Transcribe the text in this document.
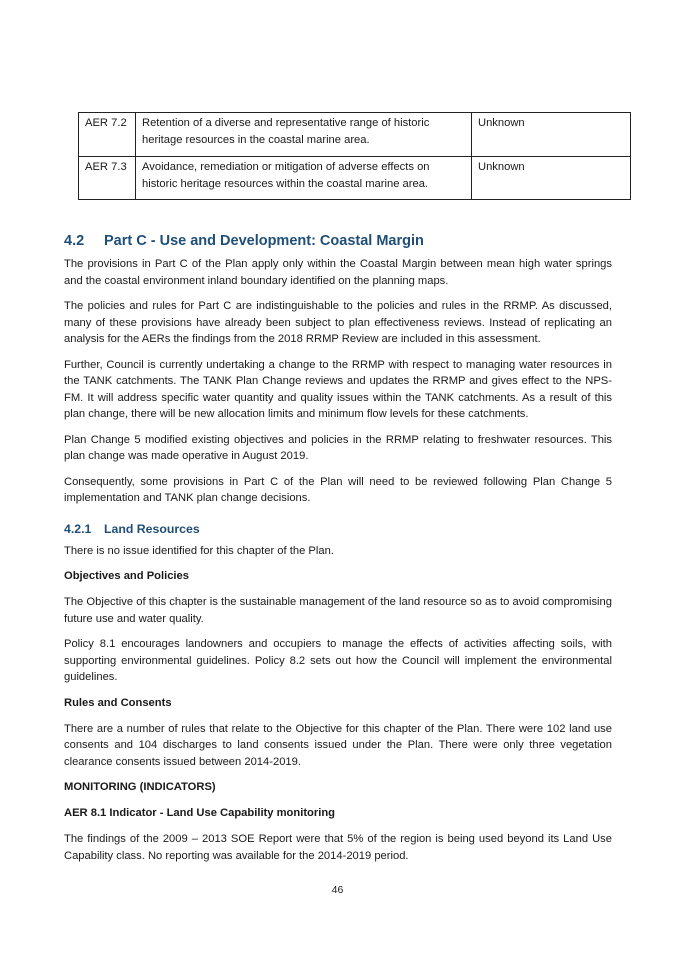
AER 7.2	Retention of a diverse and representative range of historic heritage resources in the coastal marine area.	Unknown
AER 7.3	Avoidance, remediation or mitigation of adverse effects on historic heritage resources within the coastal marine area.	Unknown
4.2 Part C - Use and Development: Coastal Margin

The provisions in Part C of the Plan apply only within the Coastal Margin between mean high water springs and the coastal environment inland boundary identified on the planning maps.

The policies and rules for Part C are indistinguishable to the policies and rules in the RRMP. As discussed, many of these provisions have already been subject to plan effectiveness reviews. Instead of replicating an analysis for the AERs the findings from the 2018 RRMP Review are included in this assessment.

Further, Council is currently undertaking a change to the RRMP with respect to managing water resources in the TANK catchments. The TANK Plan Change reviews and updates the RRMP and gives effect to the NPS-FM. It will address specific water quantity and quality issues within the TANK catchments. As a result of this plan change, there will be new allocation limits and minimum flow levels for these catchments.

Plan Change 5 modified existing objectives and policies in the RRMP relating to freshwater resources. This plan change was made operative in August 2019.

Consequently, some provisions in Part C of the Plan will need to be reviewed following Plan Change 5 implementation and TANK plan change decisions.

4.2.1 Land Resources

There is no issue identified for this chapter of the Plan.

Objectives and Policies

The Objective of this chapter is the sustainable management of the land resource so as to avoid compromising future use and water quality.

Policy 8.1 encourages landowners and occupiers to manage the effects of activities affecting soils, with supporting environmental guidelines. Policy 8.2 sets out how the Council will implement the environmental guidelines.

Rules and Consents

There are a number of rules that relate to the Objective for this chapter of the Plan. There were 102 land use consents and 104 discharges to land consents issued under the Plan. There were only three vegetation clearance consents issued between 2014-2019.

MONITORING (INDICATORS)

AER 8.1 Indicator - Land Use Capability monitoring

The findings of the 2009 – 2013 SOE Report were that 5% of the region is being used beyond its Land Use Capability class. No reporting was available for the 2014-2019 period.

46
